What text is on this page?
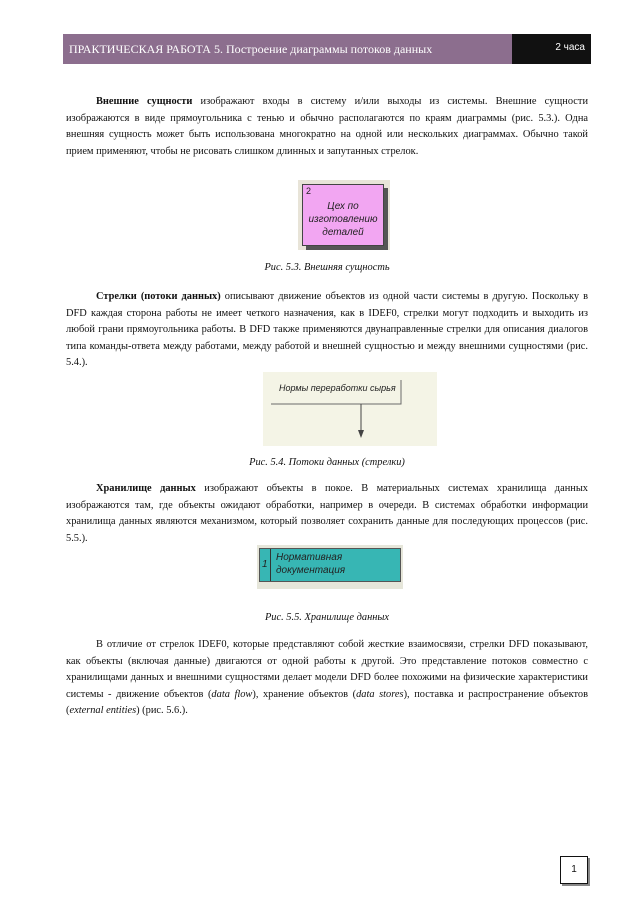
ПРАКТИЧЕСКАЯ РАБОТА 5. Построение диаграммы потоков данных	2 часа

Внешние сущности изображают входы в систему и/или выходы из системы. Внешние сущности изображаются в виде прямоугольника с тенью и обычно располагаются по краям диаграммы (рис. 5.3.). Одна внешняя сущность может быть использована многократно на одной или нескольких диаграммах. Обычно такой прием применяют, чтобы не рисовать слишком длинных и запутанных стрелок.

2
Цех по
изготовлению
деталей

Рис. 5.3. Внешняя сущность

Стрелки (потоки данных) описывают движение объектов из одной части системы в другую. Поскольку в DFD каждая сторона работы не имеет четкого назначения, как в IDEF0, стрелки могут подходить и выходить из любой грани прямоугольника работы. В DFD также применяются двунаправленные стрелки для описания диалогов типа команды-ответа между работами, между работой и внешней сущностью и между внешними сущностями (рис. 5.4.).

Нормы переработки сырья

Рис. 5.4. Потоки данных (стрелки)

Хранилище данных изображают объекты в покое. В материальных системах хранилища данных изображаются там, где объекты ожидают обработки, например в очереди. В системах обработки информации хранилища данных являются механизмом, который позволяет сохранить данные для последующих процессов (рис. 5.5.).

1
Нормативная
документация

Рис. 5.5. Хранилище данных

В отличие от стрелок IDEF0, которые представляют собой жесткие взаимосвязи, стрелки DFD показывают, как объекты (включая данные) двигаются от одной работы к другой. Это представление потоков совместно с хранилищами данных и внешними сущностями делает модели DFD более похожими на физические характеристики системы - движение объектов (data flow), хранение объектов (data stores), поставка и распространение объектов (external entities) (рис. 5.6.).

1
